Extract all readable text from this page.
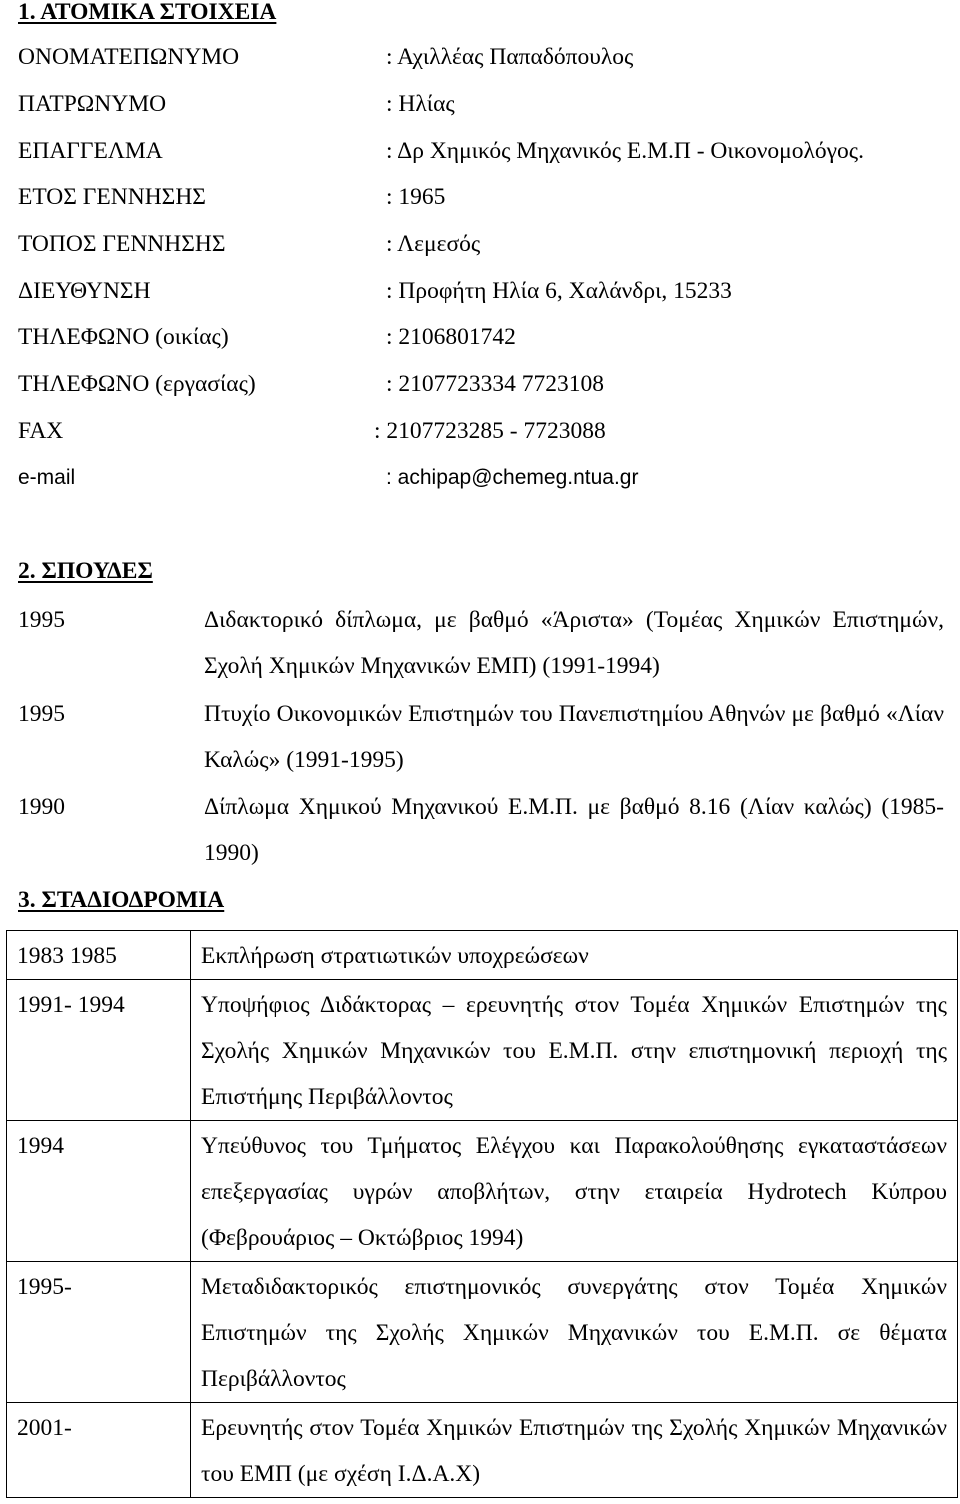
1. ΑΤΟΜΙΚΑ ΣΤΟΙΧΕΙΑ
ΟΝΟΜΑΤΕΠΩΝΥΜΟ	: Αχιλλέας Παπαδόπουλος
ΠΑΤΡΩΝΥΜΟ	: Ηλίας
ΕΠΑΓΓΕΛΜΑ	: Δρ Χημικός Μηχανικός Ε.Μ.Π - Οικονομολόγος.
ΕΤΟΣ ΓΕΝΝΗΣΗΣ	: 1965
ΤΟΠΟΣ ΓΕΝΝΗΣΗΣ	: Λεμεσός
ΔΙΕΥΘΥΝΣΗ	: Προφήτη Ηλία 6, Χαλάνδρι, 15233
ΤΗΛΕΦΩΝΟ (οικίας)	: 2106801742
ΤΗΛΕΦΩΝΟ (εργασίας)	: 2107723334 7723108
FAX	: 2107723285 - 7723088
e-mail	: achipap@chemeg.ntua.gr
2. ΣΠΟΥΔΕΣ
1995	Διδακτορικό δίπλωμα, με βαθμό «Άριστα» (Τομέας Χημικών Επιστημών, Σχολή Χημικών Μηχανικών ΕΜΠ) (1991-1994)
1995	Πτυχίο Οικονομικών Επιστημών του Πανεπιστημίου Αθηνών με βαθμό «Λίαν Καλώς» (1991-1995)
1990	Δίπλωμα Χημικού Μηχανικού Ε.Μ.Π. με βαθμό 8.16 (Λίαν καλώς) (1985-1990)
3. ΣΤΑΔΙΟΔΡΟΜΙΑ
1983 1985	Εκπλήρωση στρατιωτικών υποχρεώσεων
1991- 1994	Υποψήφιος Διδάκτορας – ερευνητής στον Τομέα Χημικών Επιστημών της Σχολής Χημικών Μηχανικών του Ε.Μ.Π. στην επιστημονική περιοχή της Επιστήμης Περιβάλλοντος
1994	Υπεύθυνος του Τμήματος Ελέγχου και Παρακολούθησης εγκαταστάσεων επεξεργασίας υγρών αποβλήτων, στην εταιρεία Hydrotech Κύπρου (Φεβρουάριος – Οκτώβριος 1994)
1995-	Μεταδιδακτορικός επιστημονικός συνεργάτης στον Τομέα Χημικών Επιστημών της Σχολής Χημικών Μηχανικών του Ε.Μ.Π. σε θέματα Περιβάλλοντος
2001-	Ερευνητής στον Τομέα Χημικών Επιστημών της Σχολής Χημικών Μηχανικών του ΕΜΠ (με σχέση Ι.Δ.Α.Χ)
